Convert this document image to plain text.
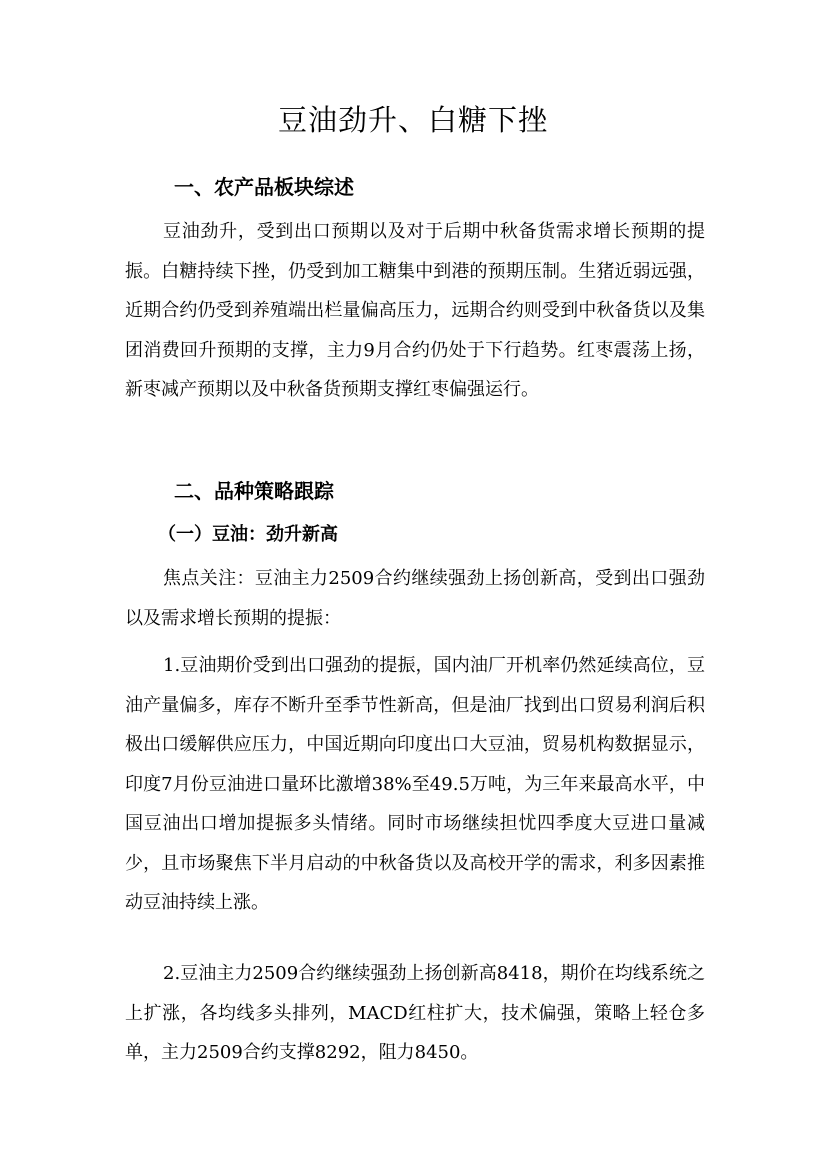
豆油劲升、白糖下挫
一、农产品板块综述

豆油劲升，受到出口预期以及对于后期中秋备货需求增长预期的提振。白糖持续下挫，仍受到加工糖集中到港的预期压制。生猪近弱远强，近期合约仍受到养殖端出栏量偏高压力，远期合约则受到中秋备货以及集团消费回升预期的支撑，主力9月合约仍处于下行趋势。红枣震荡上扬，新枣减产预期以及中秋备货预期支撑红枣偏强运行。

二、品种策略跟踪
（一）豆油：劲升新高

焦点关注：豆油主力2509合约继续强劲上扬创新高，受到出口强劲以及需求增长预期的提振：

1.豆油期价受到出口强劲的提振，国内油厂开机率仍然延续高位，豆油产量偏多，库存不断升至季节性新高，但是油厂找到出口贸易利润后积极出口缓解供应压力，中国近期向印度出口大豆油，贸易机构数据显示，印度7月份豆油进口量环比激增38%至49.5万吨，为三年来最高水平，中国豆油出口增加提振多头情绪。同时市场继续担忧四季度大豆进口量减少，且市场聚焦下半月启动的中秋备货以及高校开学的需求，利多因素推动豆油持续上涨。

2.豆油主力2509合约继续强劲上扬创新高8418，期价在均线系统之上扩涨，各均线多头排列，MACD红柱扩大，技术偏强，策略上轻仓多单，主力2509合约支撑8292，阻力8450。
